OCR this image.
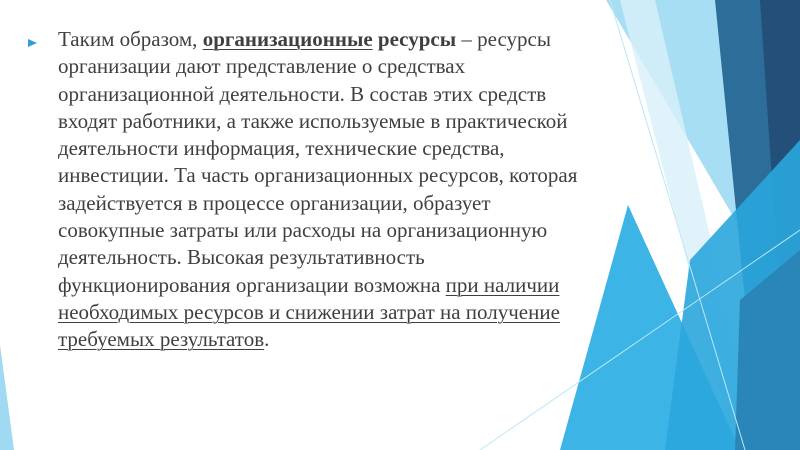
Таким образом, организационные ресурсы – ресурсы организации дают представление о средствах организационной деятельности. В состав этих средств входят работники, а также используемые в практической деятельности информация, технические средства, инвестиции. Та часть организационных ресурсов, которая задействуется в процессе организации, образует совокупные затраты или расходы на организационную деятельность. Высокая результативность функционирования организации возможна при наличии необходимых ресурсов и снижении затрат на получение требуемых результатов.
